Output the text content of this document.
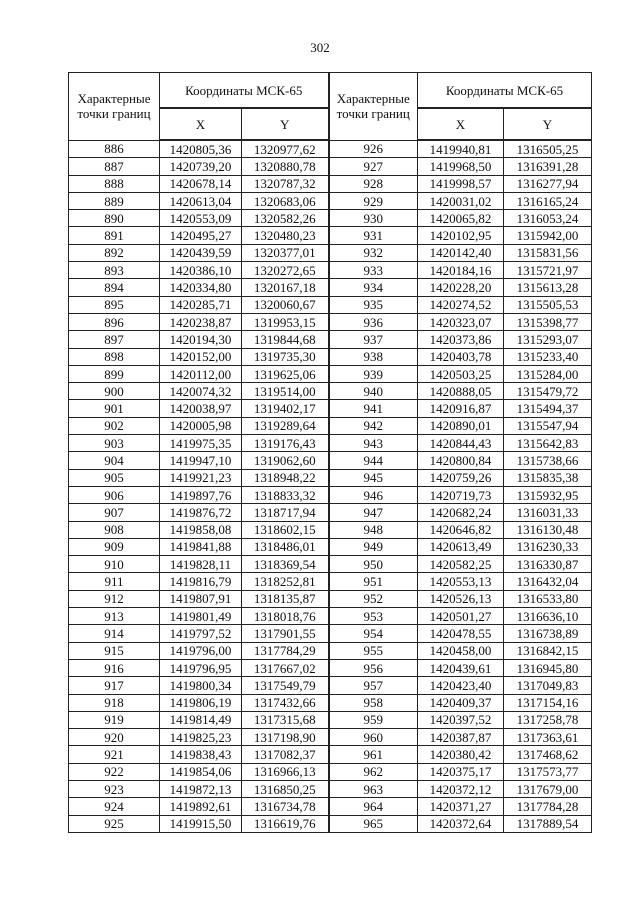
302
Характерные точки границ	Координаты МСК-65		Характерные точки границ	Координаты МСК-65	
	X	Y		X	Y
886	1420805,36	1320977,62	926	1419940,81	1316505,25
887	1420739,20	1320880,78	927	1419968,50	1316391,28
888	1420678,14	1320787,32	928	1419998,57	1316277,94
889	1420613,04	1320683,06	929	1420031,02	1316165,24
890	1420553,09	1320582,26	930	1420065,82	1316053,24
891	1420495,27	1320480,23	931	1420102,95	1315942,00
892	1420439,59	1320377,01	932	1420142,40	1315831,56
893	1420386,10	1320272,65	933	1420184,16	1315721,97
894	1420334,80	1320167,18	934	1420228,20	1315613,28
895	1420285,71	1320060,67	935	1420274,52	1315505,53
896	1420238,87	1319953,15	936	1420323,07	1315398,77
897	1420194,30	1319844,68	937	1420373,86	1315293,07
898	1420152,00	1319735,30	938	1420403,78	1315233,40
899	1420112,00	1319625,06	939	1420503,25	1315284,00
900	1420074,32	1319514,00	940	1420888,05	1315479,72
901	1420038,97	1319402,17	941	1420916,87	1315494,37
902	1420005,98	1319289,64	942	1420890,01	1315547,94
903	1419975,35	1319176,43	943	1420844,43	1315642,83
904	1419947,10	1319062,60	944	1420800,84	1315738,66
905	1419921,23	1318948,22	945	1420759,26	1315835,38
906	1419897,76	1318833,32	946	1420719,73	1315932,95
907	1419876,72	1318717,94	947	1420682,24	1316031,33
908	1419858,08	1318602,15	948	1420646,82	1316130,48
909	1419841,88	1318486,01	949	1420613,49	1316230,33
910	1419828,11	1318369,54	950	1420582,25	1316330,87
911	1419816,79	1318252,81	951	1420553,13	1316432,04
912	1419807,91	1318135,87	952	1420526,13	1316533,80
913	1419801,49	1318018,76	953	1420501,27	1316636,10
914	1419797,52	1317901,55	954	1420478,55	1316738,89
915	1419796,00	1317784,29	955	1420458,00	1316842,15
916	1419796,95	1317667,02	956	1420439,61	1316945,80
917	1419800,34	1317549,79	957	1420423,40	1317049,83
918	1419806,19	1317432,66	958	1420409,37	1317154,16
919	1419814,49	1317315,68	959	1420397,52	1317258,78
920	1419825,23	1317198,90	960	1420387,87	1317363,61
921	1419838,43	1317082,37	961	1420380,42	1317468,62
922	1419854,06	1316966,13	962	1420375,17	1317573,77
923	1419872,13	1316850,25	963	1420372,12	1317679,00
924	1419892,61	1316734,78	964	1420371,27	1317784,28
925	1419915,50	1316619,76	965	1420372,64	1317889,54
